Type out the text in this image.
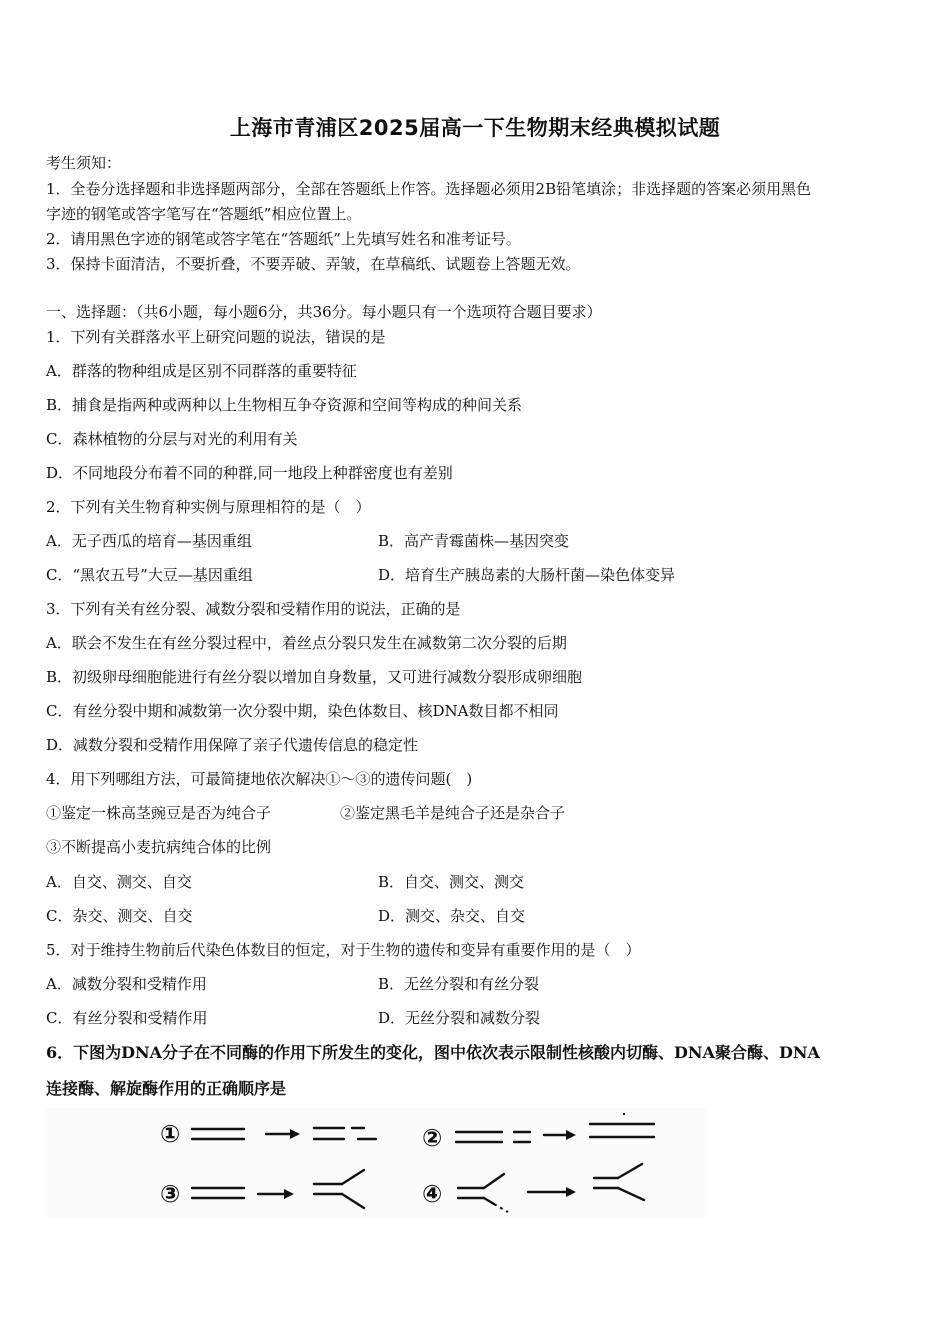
上海市青浦区2025届高一下生物期末经典模拟试题
考生须知：
1．全卷分选择题和非选择题两部分，全部在答题纸上作答。选择题必须用2B铅笔填涂；非选择题的答案必须用黑色
字迹的钢笔或答字笔写在“答题纸”相应位置上。
2．请用黑色字迹的钢笔或答字笔在“答题纸”上先填写姓名和准考证号。
3．保持卡面清洁，不要折叠，不要弄破、弄皱，在草稿纸、试题卷上答题无效。
一、选择题：（共6小题，每小题6分，共36分。每小题只有一个选项符合题目要求）
1．下列有关群落水平上研究问题的说法，错误的是
A．群落的物种组成是区别不同群落的重要特征
B．捕食是指两种或两种以上生物相互争夺资源和空间等构成的种间关系
C．森林植物的分层与对光的利用有关
D．不同地段分布着不同的种群,同一地段上种群密度也有差别
2．下列有关生物育种实例与原理相符的是（　）
A．无子西瓜的培育—基因重组	B．高产青霉菌株—基因突变
C．“黑农五号”大豆—基因重组	D．培育生产胰岛素的大肠杆菌—染色体变异
3．下列有关有丝分裂、减数分裂和受精作用的说法，正确的是
A．联会不发生在有丝分裂过程中，着丝点分裂只发生在减数第二次分裂的后期
B．初级卵母细胞能进行有丝分裂以增加自身数量，又可进行减数分裂形成卵细胞
C．有丝分裂中期和减数第一次分裂中期，染色体数目、核DNA数目都不相同
D．减数分裂和受精作用保障了亲子代遗传信息的稳定性
4．用下列哪组方法，可最简捷地依次解决①～③的遗传问题(　)
①鉴定一株高茎豌豆是否为纯合子	②鉴定黑毛羊是纯合子还是杂合子
③不断提高小麦抗病纯合体的比例
A．自交、测交、自交	B．自交、测交、测交
C．杂交、测交、自交	D．测交、杂交、自交
5．对于维持生物前后代染色体数目的恒定，对于生物的遗传和变异有重要作用的是（　）
A．减数分裂和受精作用	B．无丝分裂和有丝分裂
C．有丝分裂和受精作用	D．无丝分裂和减数分裂
6．下图为DNA分子在不同酶的作用下所发生的变化，图中依次表示限制性核酸内切酶、DNA聚合酶、DNA
连接酶、解旋酶作用的正确顺序是
①	②
③	④
